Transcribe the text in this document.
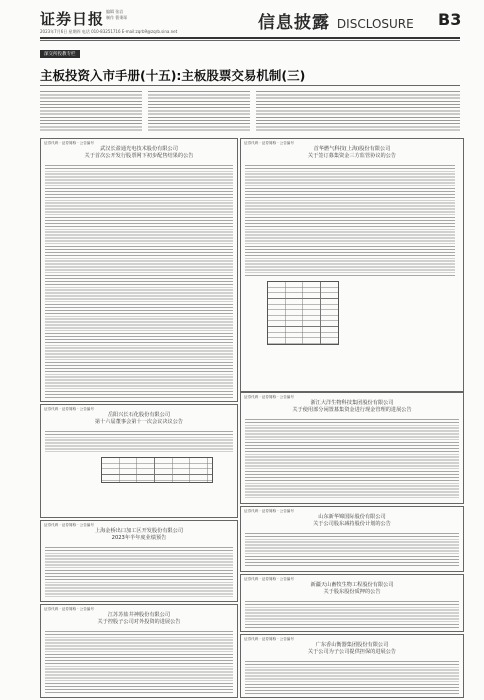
证券日报
2023年7月6日 星期四 电话 010-83251716 E-mail:zqrb9@zqrb.sina.net
编辑 张岩
制作 曹秉琛	信息披露 DISCLOSURE B3
深交所投教专栏
主板投资入市手册(十五):主板股票交易机制(三)
证券代码 · 证券简称 · 公告编号
武汉长盈通光电技术股份有限公司
关于首次公开发行股票网下初步配售结果的公告
证券代码 · 证券简称 · 公告编号
首华燃气科技(上海)股份有限公司
关于签订募集资金三方监管协议的公告
证券代码 · 证券简称 · 公告编号
岳阳兴长石化股份有限公司
第十六届董事会第十一次会议决议公告
证券代码 · 证券简称 · 公告编号
浙江大洋生物科技集团股份有限公司
关于使用部分闲置募集资金进行现金管理的进展公告
证券代码 · 证券简称 · 公告编号
上海金桥出口加工区开发股份有限公司
2023年半年度业绩预告
证券代码 · 证券简称 · 公告编号
山东新华锦国际股份有限公司
关于公司股东减持股份计划的公告
证券代码 · 证券简称 · 公告编号
江苏苏盐井神股份有限公司
关于控股子公司对外投资的进展公告
证券代码 · 证券简称 · 公告编号
新疆天山畜牧生物工程股份有限公司
关于股东股份质押的公告
证券代码 · 证券简称 · 公告编号
广东香山衡器集团股份有限公司
关于公司为子公司提供担保的进展公告
